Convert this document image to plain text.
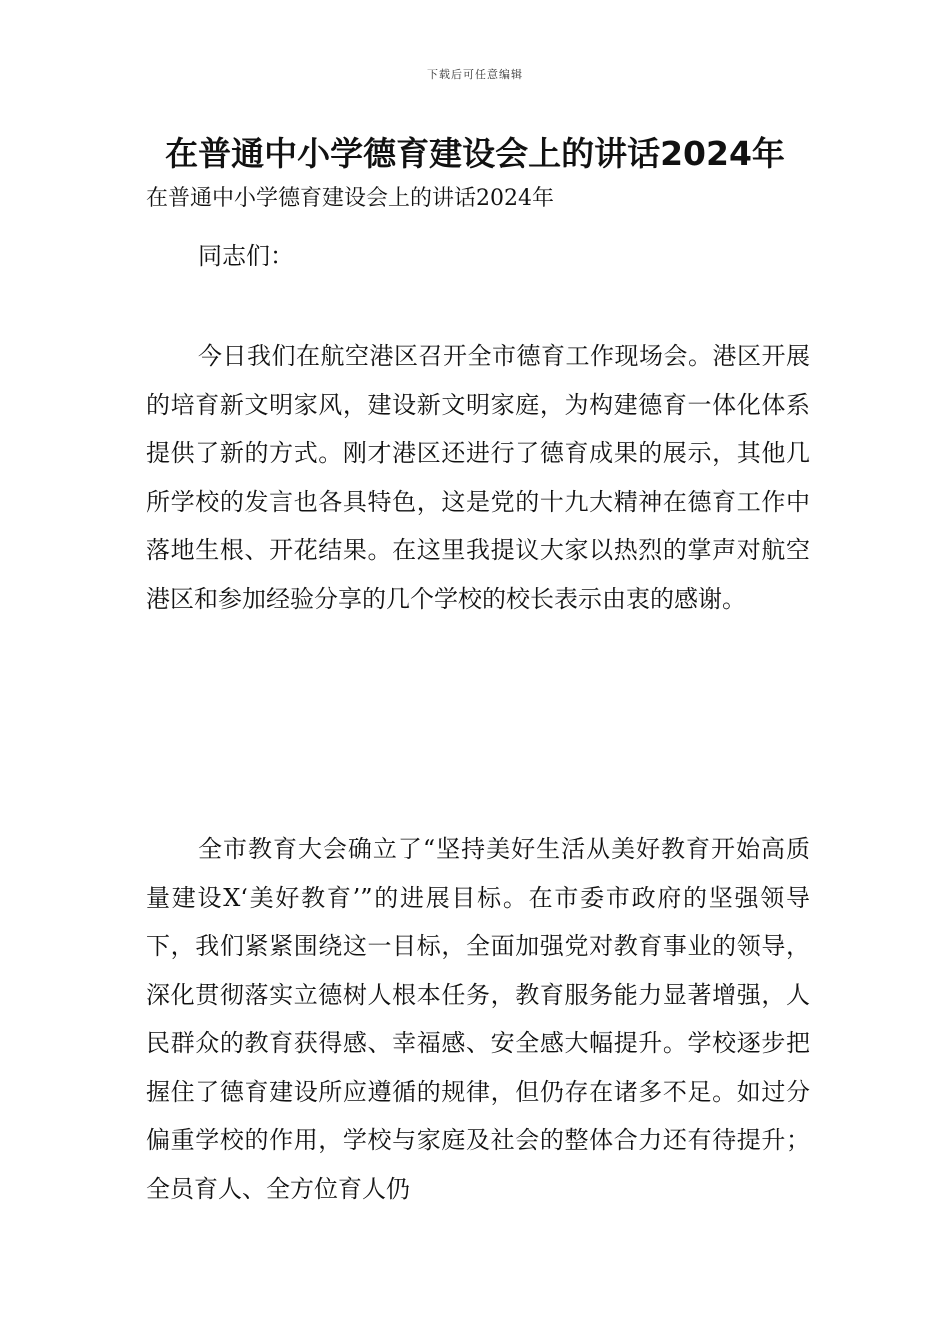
下载后可任意编辑
在普通中小学德育建设会上的讲话2024年
在普通中小学德育建设会上的讲话2024年

同志们：

今日我们在航空港区召开全市德育工作现场会。港区开展的培育新文明家风，建设新文明家庭，为构建德育一体化体系提供了新的方式。刚才港区还进行了德育成果的展示，其他几所学校的发言也各具特色，这是党的十九大精神在德育工作中落地生根、开花结果。在这里我提议大家以热烈的掌声对航空港区和参加经验分享的几个学校的校长表示由衷的感谢。

全市教育大会确立了“坚持美好生活从美好教育开始高质量建设X‘美好教育’”的进展目标。在市委市政府的坚强领导下，我们紧紧围绕这一目标，全面加强党对教育事业的领导，深化贯彻落实立德树人根本任务，教育服务能力显著增强，人民群众的教育获得感、幸福感、安全感大幅提升。学校逐步把握住了德育建设所应遵循的规律，但仍存在诸多不足。如过分偏重学校的作用，学校与家庭及社会的整体合力还有待提升；全员育人、全方位育人仍
